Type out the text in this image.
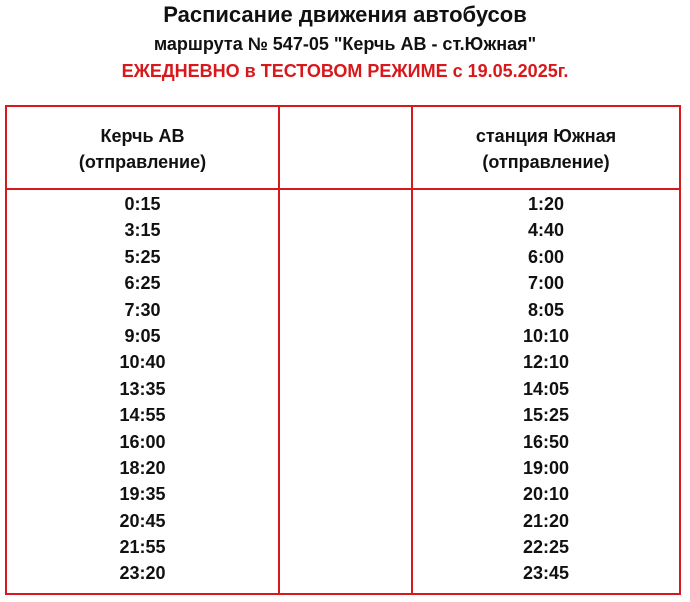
Расписание движения автобусов
маршрута № 547-05 "Керчь АВ - ст.Южная"
ЕЖЕДНЕВНО в ТЕСТОВОМ РЕЖИМЕ с 19.05.2025г.
Керчь АВ
(отправление)
станция Южная
(отправление)
0:15
3:15
5:25
6:25
7:30
9:05
10:40
13:35
14:55
16:00
18:20
19:35
20:45
21:55
23:20
1:20
4:40
6:00
7:00
8:05
10:10
12:10
14:05
15:25
16:50
19:00
20:10
21:20
22:25
23:45
